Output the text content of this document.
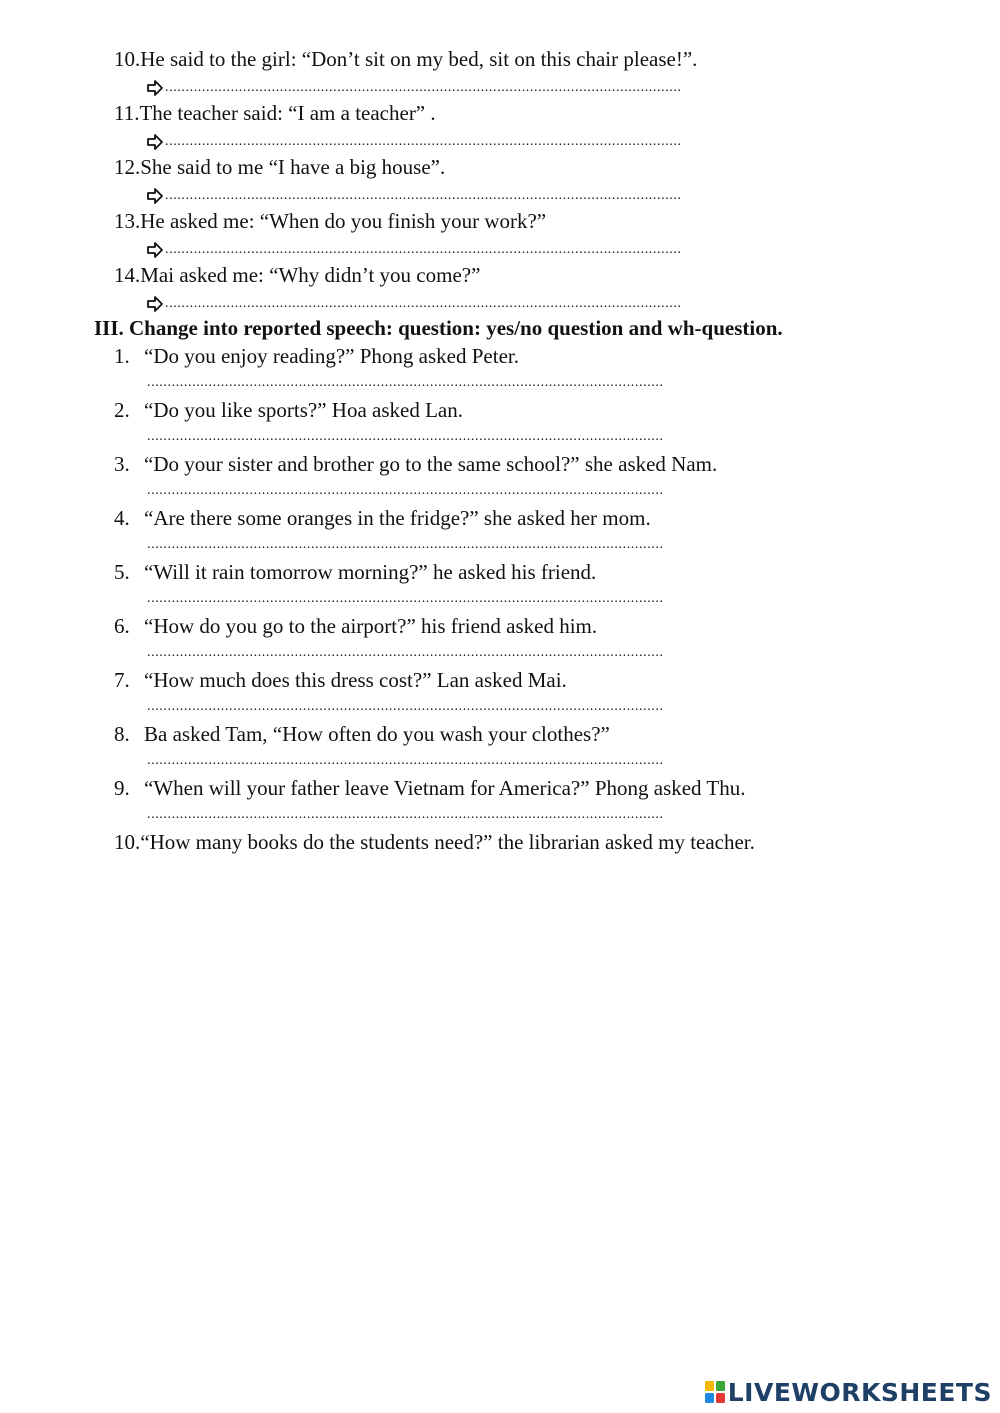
10.He said to the girl: “Don’t sit on my bed, sit on this chair please!”.
..............................................................................................................................
11.The teacher said: “I am a teacher” .
..............................................................................................................................
12.She said to me “I have a big house”.
..............................................................................................................................
13.He asked me: “When do you finish your work?”
..............................................................................................................................
14.Mai asked me: “Why didn’t you come?”
..............................................................................................................................
III. Change into reported speech: question: yes/no question and wh-question.
1. “Do you enjoy reading?” Phong asked Peter.
..............................................................................................................................
2. “Do you like sports?” Hoa asked Lan.
..............................................................................................................................
3. “Do your sister and brother go to the same school?” she asked Nam.
..............................................................................................................................
4. “Are there some oranges in the fridge?” she asked her mom.
..............................................................................................................................
5. “Will it rain tomorrow morning?” he asked his friend.
..............................................................................................................................
6. “How do you go to the airport?” his friend asked him.
..............................................................................................................................
7. “How much does this dress cost?” Lan asked Mai.
..............................................................................................................................
8. Ba asked Tam, “How often do you wash your clothes?”
..............................................................................................................................
9. “When will your father leave Vietnam for America?” Phong asked Thu.
..............................................................................................................................
10.“How many books do the students need?” the librarian asked my teacher.
LIVEWORKSHEETS
